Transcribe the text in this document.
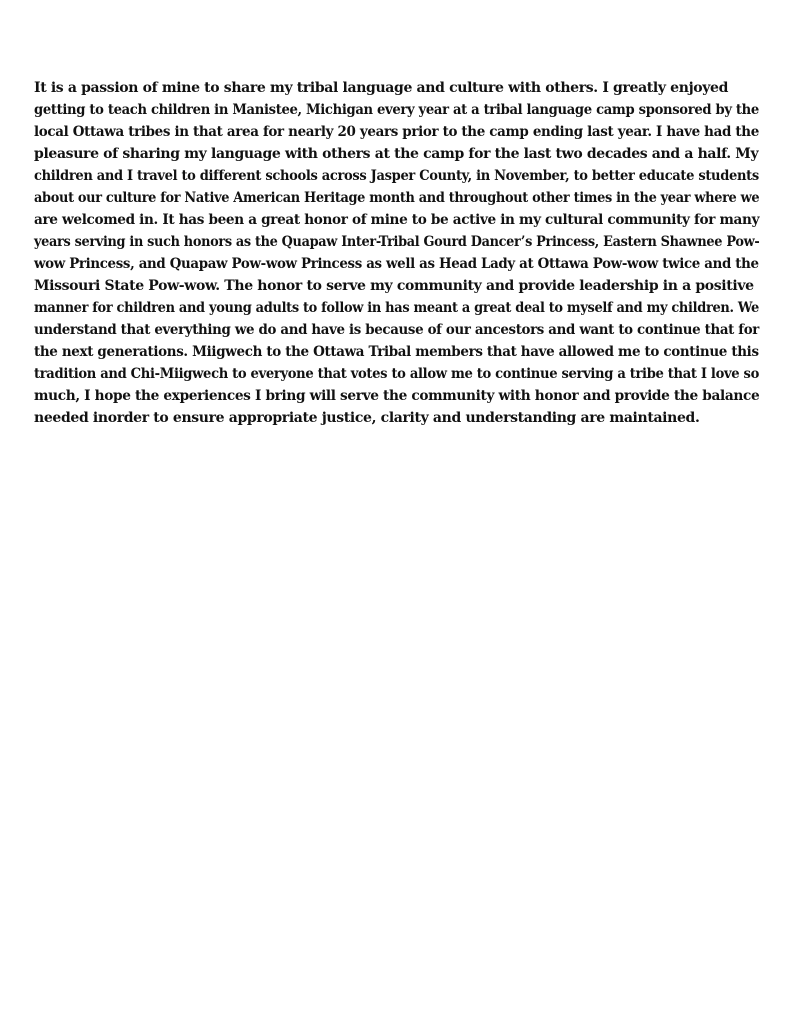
It is a passion of mine to share my tribal language and culture with others. I greatly enjoyed
getting to teach children in Manistee, Michigan every year at a tribal language camp sponsored by the
local Ottawa tribes in that area for nearly 20 years prior to the camp ending last year. I have had the
pleasure of sharing my language with others at the camp for the last two decades and a half. My
children and I travel to different schools across Jasper County, in November, to better educate students
about our culture for Native American Heritage month and throughout other times in the year where we
are welcomed in. It has been a great honor of mine to be active in my cultural community for many
years serving in such honors as the Quapaw Inter-Tribal Gourd Dancer’s Princess, Eastern Shawnee Pow-
wow Princess, and Quapaw Pow-wow Princess as well as Head Lady at Ottawa Pow-wow twice and the
Missouri State Pow-wow. The honor to serve my community and provide leadership in a positive
manner for children and young adults to follow in has meant a great deal to myself and my children. We
understand that everything we do and have is because of our ancestors and want to continue that for
the next generations. Miigwech to the Ottawa Tribal members that have allowed me to continue this
tradition and Chi-Miigwech to everyone that votes to allow me to continue serving a tribe that I love so
much, I hope the experiences I bring will serve the community with honor and provide the balance
needed inorder to ensure appropriate justice, clarity and understanding are maintained.
